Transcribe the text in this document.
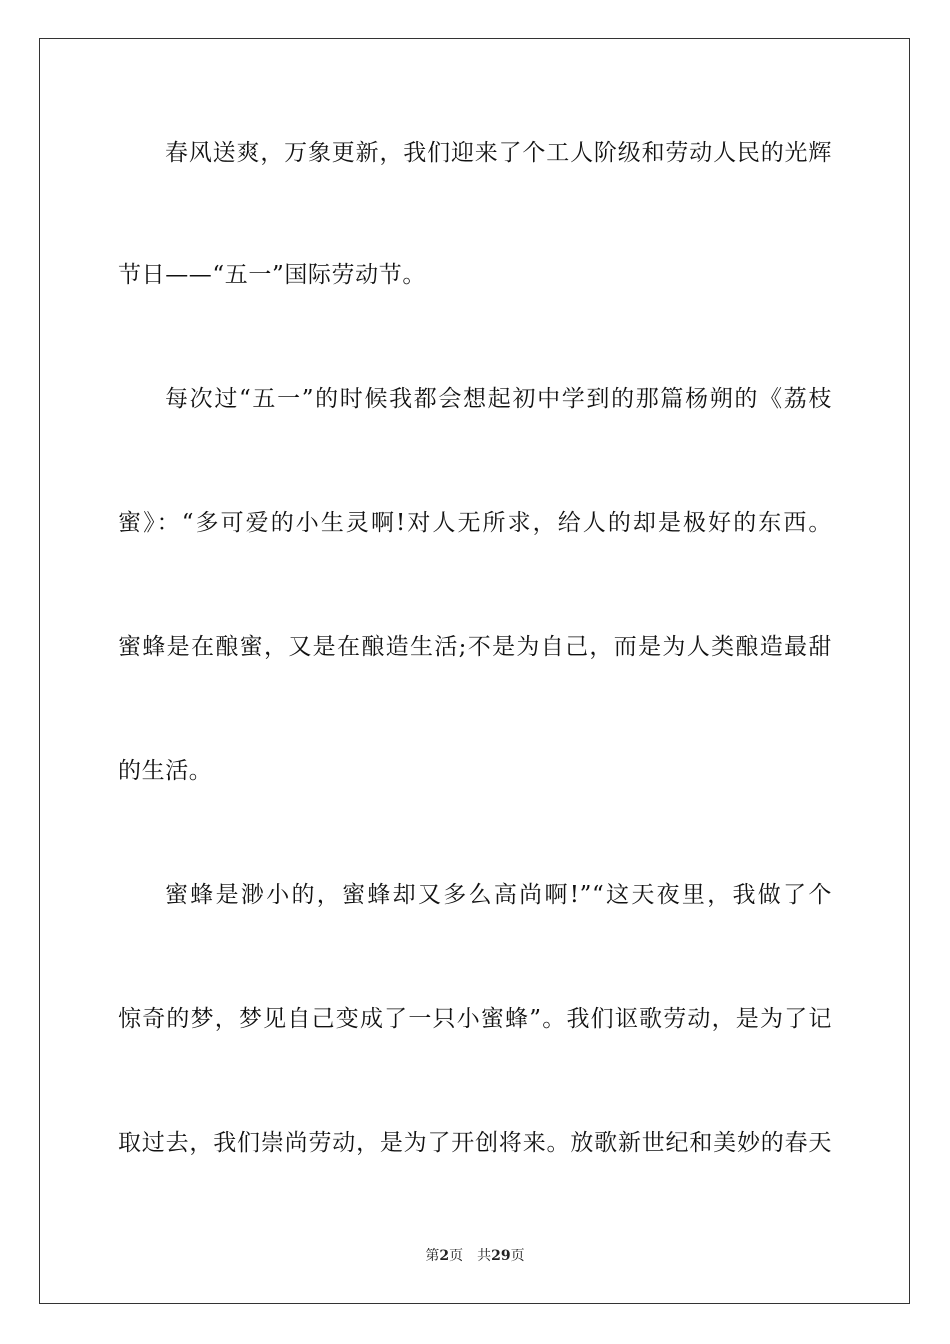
春风送爽，万象更新，我们迎来了个工人阶级和劳动人民的光辉
节日——“五一”国际劳动节。
每次过“五一”的时候我都会想起初中学到的那篇杨朔的《荔枝
蜜》：“多可爱的小生灵啊!对人无所求，给人的却是极好的东西。
蜜蜂是在酿蜜，又是在酿造生活;不是为自己，而是为人类酿造最甜
的生活。
蜜蜂是渺小的，蜜蜂却又多么高尚啊!”“这天夜里，我做了个
惊奇的梦，梦见自己变成了一只小蜜蜂”。我们讴歌劳动，是为了记
取过去，我们崇尚劳动，是为了开创将来。放歌新世纪和美妙的春天
第2页 共29页
